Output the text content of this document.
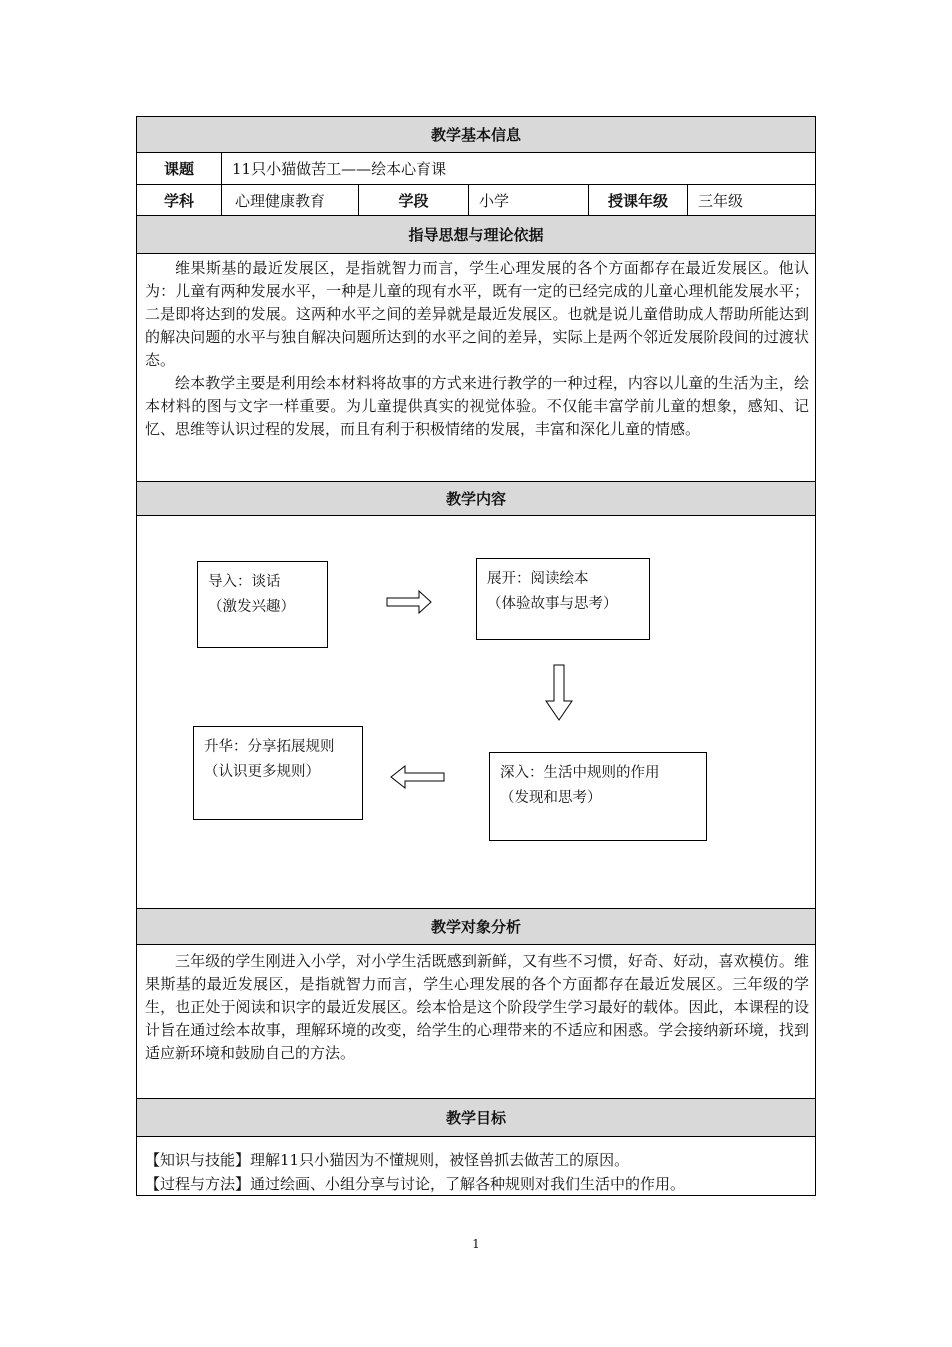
教学基本信息
课题	11只小猫做苦工——绘本心育课
学科	心理健康教育	学段	小学	授课年级	三年级
指导思想与理论依据

维果斯基的最近发展区，是指就智力而言，学生心理发展的各个方面都存在最近发展区。他认为：儿童有两种发展水平，一种是儿童的现有水平，既有一定的已经完成的儿童心理机能发展水平；二是即将达到的发展。这两种水平之间的差异就是最近发展区。也就是说儿童借助成人帮助所能达到的解决问题的水平与独自解决问题所达到的水平之间的差异，实际上是两个邻近发展阶段间的过渡状态。

绘本教学主要是利用绘本材料将故事的方式来进行教学的一种过程，内容以儿童的生活为主，绘本材料的图与文字一样重要。为儿童提供真实的视觉体验。不仅能丰富学前儿童的想象，感知、记忆、思维等认识过程的发展，而且有利于积极情绪的发展，丰富和深化儿童的情感。

教学内容
导入：谈话
（激发兴趣）
展开：阅读绘本
（体验故事与思考）
深入：生活中规则的作用
（发现和思考）
升华：分享拓展规则
（认识更多规则）
教学对象分析

三年级的学生刚进入小学，对小学生活既感到新鲜，又有些不习惯，好奇、好动，喜欢模仿。维果斯基的最近发展区，是指就智力而言，学生心理发展的各个方面都存在最近发展区。三年级的学生，也正处于阅读和识字的最近发展区。绘本恰是这个阶段学生学习最好的载体。因此，本课程的设计旨在通过绘本故事，理解环境的改变，给学生的心理带来的不适应和困惑。学会接纳新环境，找到适应新环境和鼓励自己的方法。

教学目标
【知识与技能】理解11只小猫因为不懂规则，被怪兽抓去做苦工的原因。
【过程与方法】通过绘画、小组分享与讨论，了解各种规则对我们生活中的作用。
1
